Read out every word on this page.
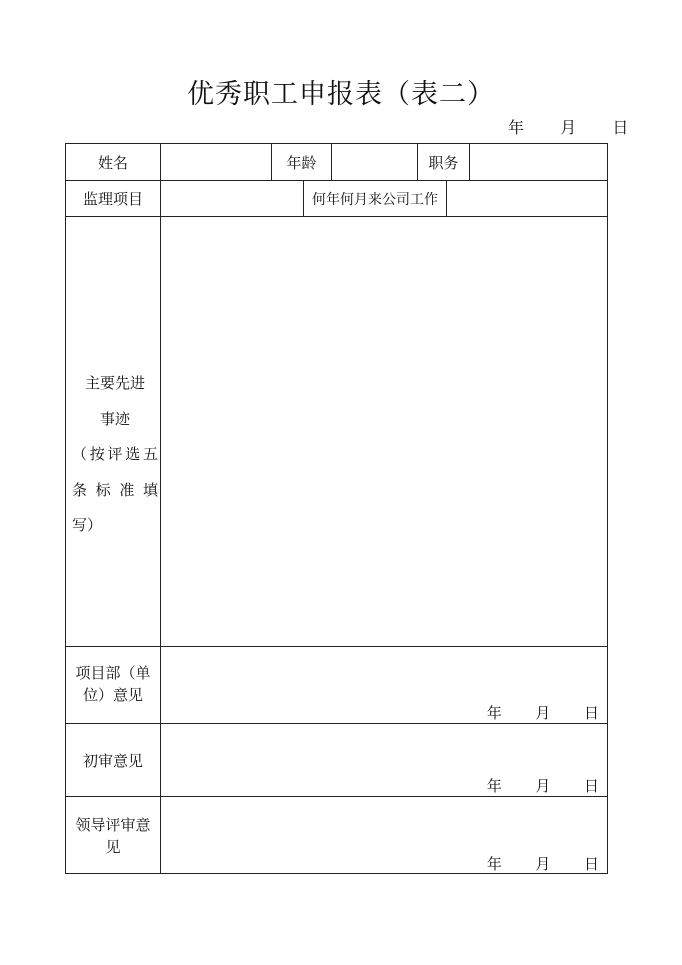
优秀职工申报表（表二）
年 月 日
姓名	年龄	职务
监理项目	何年何月来公司工作
主要先进
事迹
（按评选五
条标准填
写）
项目部（单
位）意见
年 月 日
初审意见
年 月 日
领导评审意
见
年 月 日
